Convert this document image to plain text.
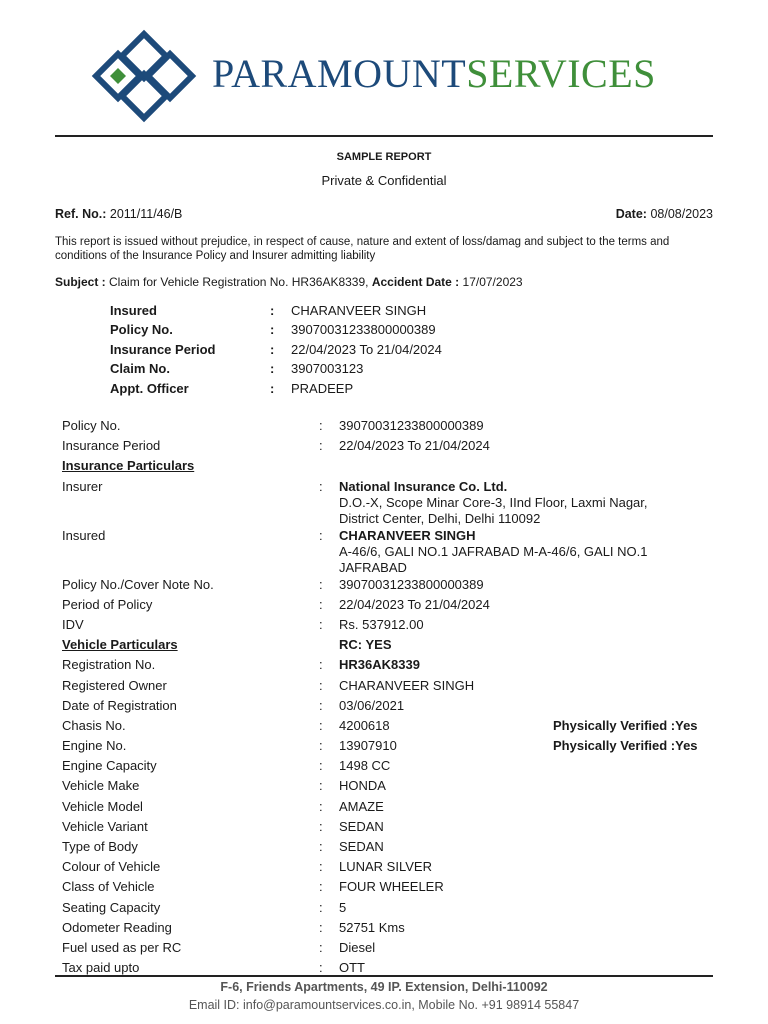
PARAMOUNTSERVICES
SAMPLE REPORT
Private & Confidential
Ref. No.: 2011/11/46/B	Date: 08/08/2023
This report is issued without prejudice, in respect of cause, nature and extent of loss/damag and subject to the terms and conditions of the Insurance Policy and Insurer admitting liability
Subject : Claim for Vehicle Registration No. HR36AK8339, Accident Date : 17/07/2023
Insured	: CHARANVEER SINGH
Policy No.	: 39070031233800000389
Insurance Period	: 22/04/2023 To 21/04/2024
Claim No.	: 3907003123
Appt. Officer	: PRADEEP
Policy No.	: 39070031233800000389
Insurance Period	: 22/04/2023 To 21/04/2024
Insurance Particulars

Insurer	: National Insurance Co. Ltd.
D.O.-X, Scope Minar Core-3, IInd Floor, Laxmi Nagar,
District Center, Delhi, Delhi 110092
Insured	: CHARANVEER SINGH
A-46/6, GALI NO.1 JAFRABAD M-A-46/6, GALI NO.1
JAFRABAD
Policy No./Cover Note No.	: 39070031233800000389
Period of Policy	: 22/04/2023 To 21/04/2024
IDV	: Rs. 537912.00
Vehicle Particulars	RC: YES
Registration No.	: HR36AK8339
Registered Owner	: CHARANVEER SINGH
Date of Registration	: 03/06/2021
Chasis No.	: 4200618	Physically Verified :Yes
Engine No.	: 13907910	Physically Verified :Yes
Engine Capacity	: 1498 CC
Vehicle Make	: HONDA
Vehicle Model	: AMAZE
Vehicle Variant	: SEDAN
Type of Body	: SEDAN
Colour of Vehicle	: LUNAR SILVER
Class of Vehicle	: FOUR WHEELER
Seating Capacity	: 5
Odometer Reading	: 52751 Kms
Fuel used as per RC	: Diesel
Tax paid upto	: OTT
F-6, Friends Apartments, 49 IP. Extension, Delhi-110092
Email ID: info@paramountservices.co.in, Mobile No. +91 98914 55847
